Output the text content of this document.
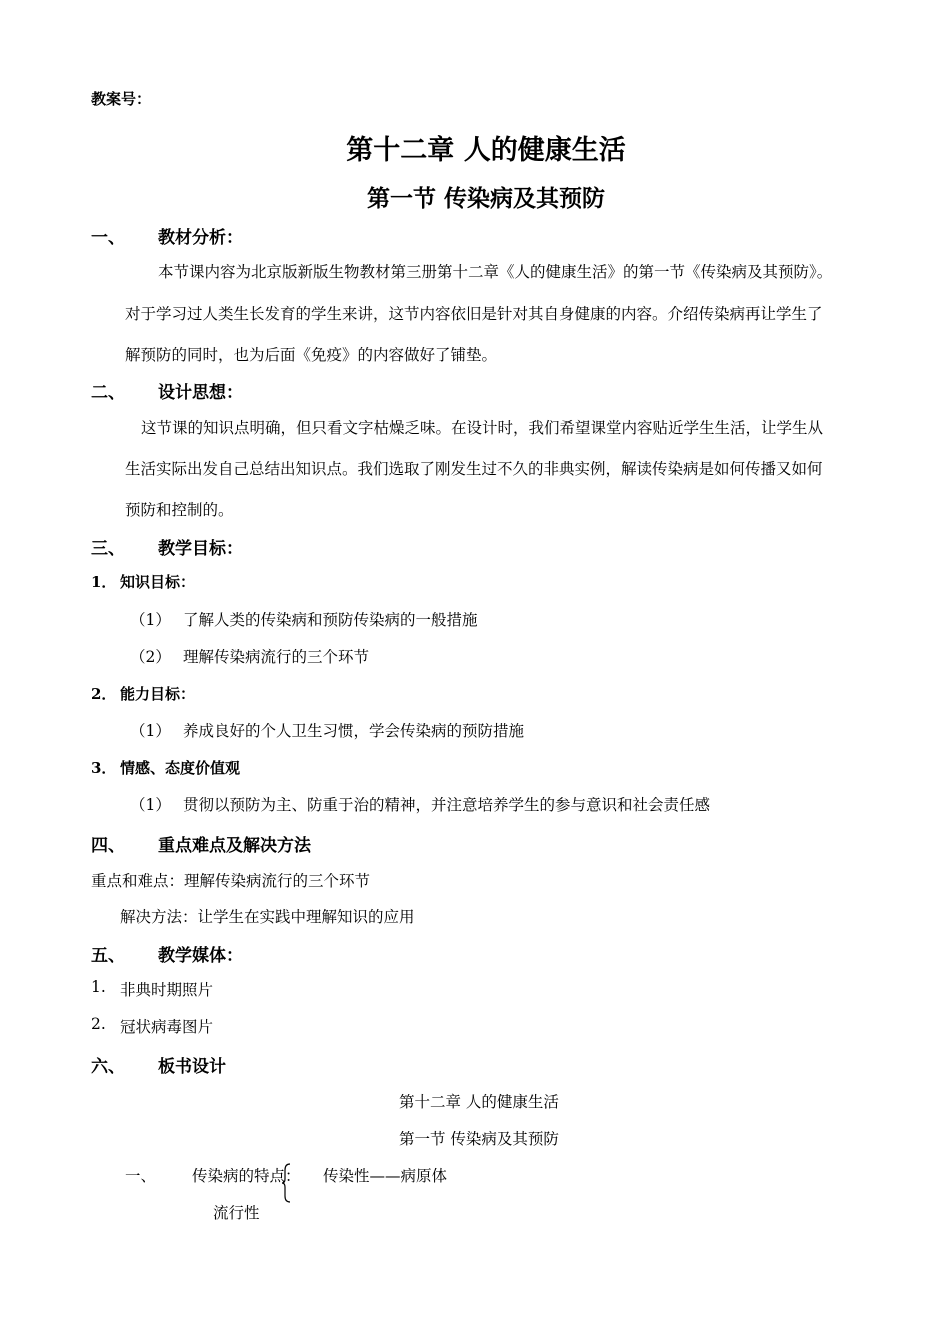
教案号：
第十二章 人的健康生活
第一节 传染病及其预防
一、 教材分析：
本节课内容为北京版新版生物教材第三册第十二章《人的健康生活》的第一节《传染病及其预防》。
对于学习过人类生长发育的学生来讲，这节内容依旧是针对其自身健康的内容。介绍传染病再让学生了
解预防的同时，也为后面《免疫》的内容做好了铺垫。
二、 设计思想：
这节课的知识点明确，但只看文字枯燥乏味。在设计时，我们希望课堂内容贴近学生生活，让学生从
生活实际出发自己总结出知识点。我们选取了刚发生过不久的非典实例，解读传染病是如何传播又如何
预防和控制的。
三、 教学目标：
1． 知识目标：
（1） 了解人类的传染病和预防传染病的一般措施
（2） 理解传染病流行的三个环节
2． 能力目标：
（1） 养成良好的个人卫生习惯，学会传染病的预防措施
3． 情感、态度价值观
（1） 贯彻以预防为主、防重于治的精神，并注意培养学生的参与意识和社会责任感
四、 重点难点及解决方法
重点和难点：理解传染病流行的三个环节
解决方法：让学生在实践中理解知识的应用
五、 教学媒体：
1. 非典时期照片
2. 冠状病毒图片
六、 板书设计
第十二章 人的健康生活
第一节 传染病及其预防
一、 传染病的特点： 传染性——病原体
流行性
